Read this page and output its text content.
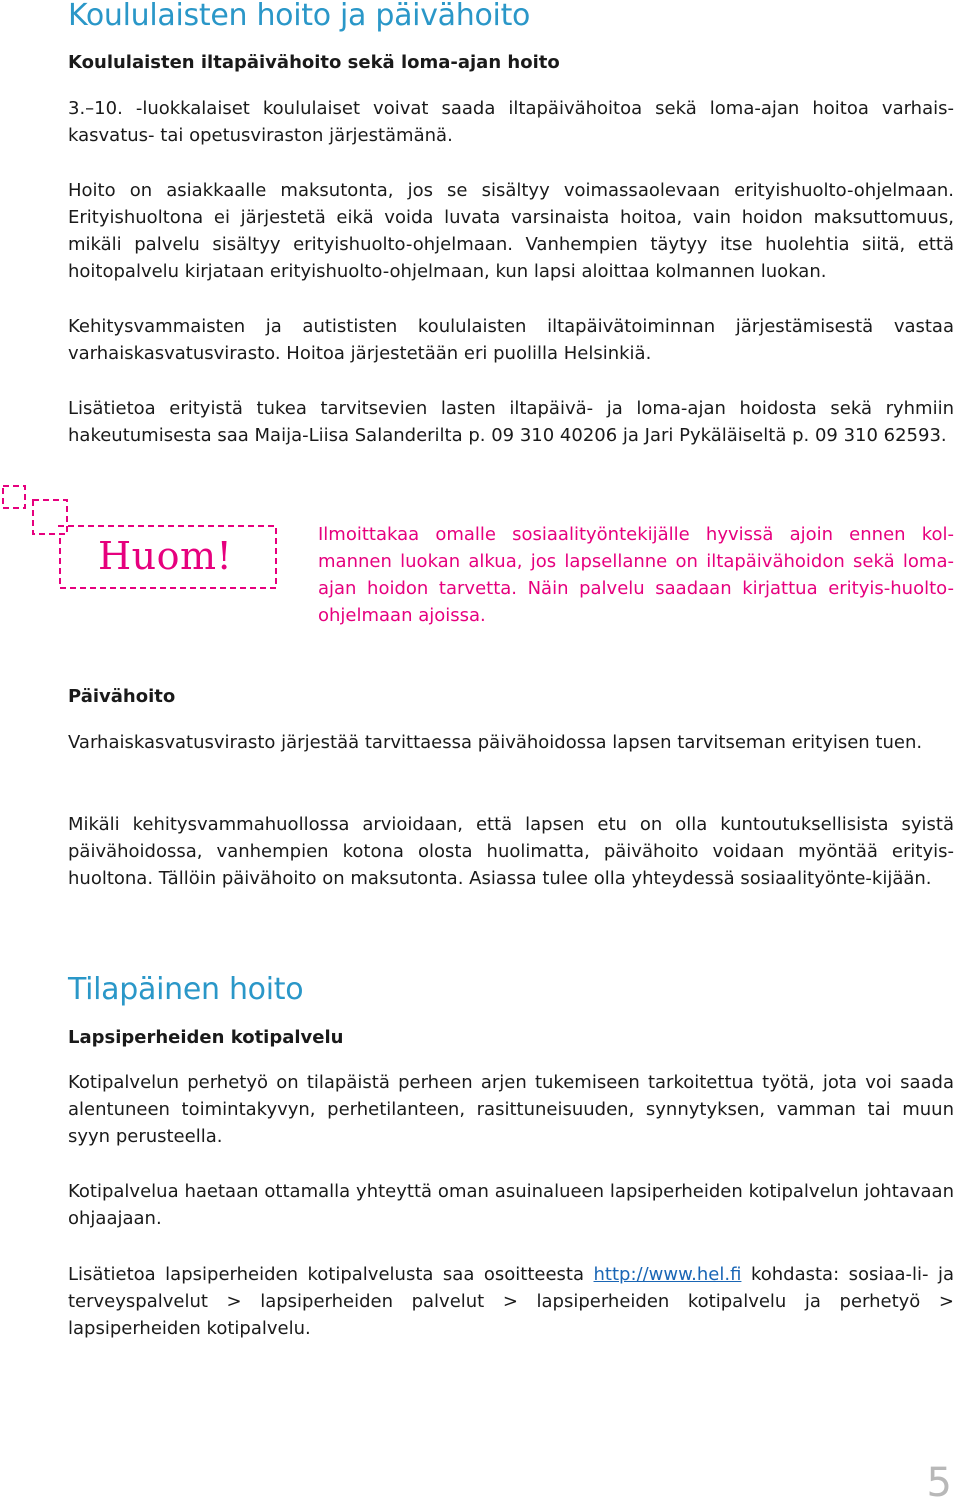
Koululaisten hoito ja päivähoito
Koululaisten iltapäivähoito sekä loma-ajan hoito

3.–10. -luokkalaiset koululaiset voivat saada iltapäivähoitoa sekä loma-ajan hoitoa varhais-kasvatus- tai opetusviraston järjestämänä.

Hoito on asiakkaalle maksutonta, jos se sisältyy voimassaolevaan erityishuolto-ohjelmaan. Erityishuoltona ei järjestetä eikä voida luvata varsinaista hoitoa, vain hoidon maksuttomuus, mikäli palvelu sisältyy erityishuolto-ohjelmaan. Vanhempien täytyy itse huolehtia siitä, että hoitopalvelu kirjataan erityishuolto-ohjelmaan, kun lapsi aloittaa kolmannen luokan.

Kehitysvammaisten ja autististen koululaisten iltapäivätoiminnan järjestämisestä vastaa varhaiskasvatusvirasto. Hoitoa järjestetään eri puolilla Helsinkiä.

Lisätietoa erityistä tukea tarvitsevien lasten iltapäivä- ja loma-ajan hoidosta sekä ryhmiin hakeutumisesta saa Maija-Liisa Salanderilta p. 09 310 40206 ja Jari Pykäläiseltä p. 09 310 62593.

Huom!	Ilmoittakaa omalle sosiaalityöntekijälle hyvissä ajoin ennen kol-mannen luokan alkua, jos lapsellanne on iltapäivähoidon sekä loma-ajan hoidon tarvetta. Näin palvelu saadaan kirjattua erityis-huolto-ohjelmaan ajoissa.

Päivähoito

Varhaiskasvatusvirasto järjestää tarvittaessa päivähoidossa lapsen tarvitseman erityisen tuen.

Mikäli kehitysvammahuollossa arvioidaan, että lapsen etu on olla kuntoutuksellisista syistä päivähoidossa, vanhempien kotona olosta huolimatta, päivähoito voidaan myöntää erityis-huoltona. Tällöin päivähoito on maksutonta. Asiassa tulee olla yhteydessä sosiaalityönte-kijään.

Tilapäinen hoito
Lapsiperheiden kotipalvelu

Kotipalvelun perhetyö on tilapäistä perheen arjen tukemiseen tarkoitettua työtä, jota voi saada alentuneen toimintakyvyn, perhetilanteen, rasittuneisuuden, synnytyksen, vamman tai muun syyn perusteella.

Kotipalvelua haetaan ottamalla yhteyttä oman asuinalueen lapsiperheiden kotipalvelun johtavaan ohjaajaan.

Lisätietoa lapsiperheiden kotipalvelusta saa osoitteesta http://www.hel.fi kohdasta: sosiaa-li- ja terveyspalvelut > lapsiperheiden palvelut > lapsiperheiden kotipalvelu ja perhetyö > lapsiperheiden kotipalvelu.

5
